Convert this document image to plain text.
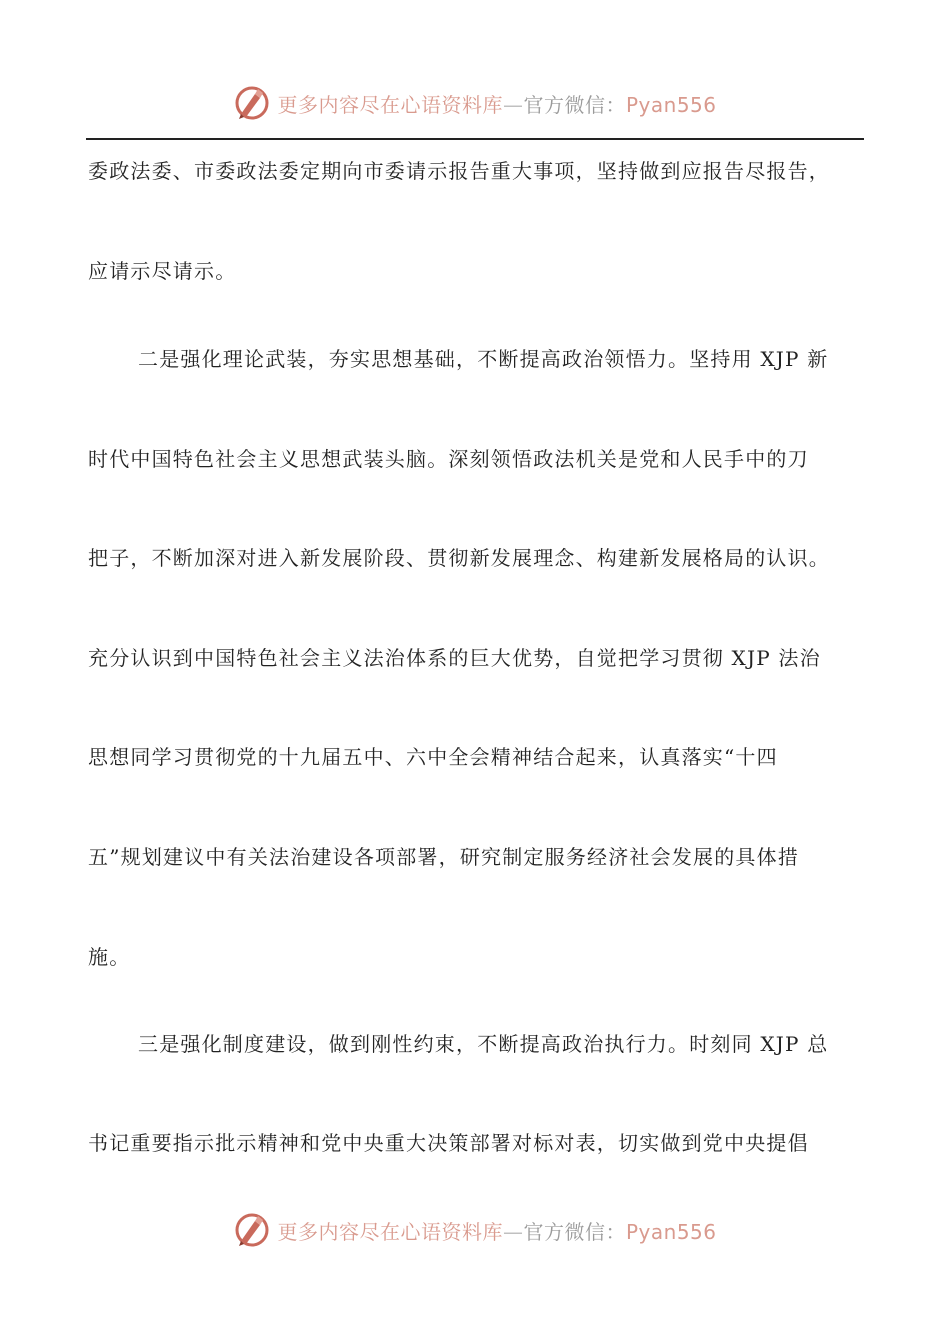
更多内容尽在心语资料库—官方微信：Pyan556
委政法委、市委政法委定期向市委请示报告重大事项，坚持做到应报告尽报告，
应请示尽请示。
二是强化理论武装，夯实思想基础，不断提高政治领悟力。坚持用 XJP 新
时代中国特色社会主义思想武装头脑。深刻领悟政法机关是党和人民手中的刀
把子，不断加深对进入新发展阶段、贯彻新发展理念、构建新发展格局的认识。
充分认识到中国特色社会主义法治体系的巨大优势，自觉把学习贯彻 XJP 法治
思想同学习贯彻党的十九届五中、六中全会精神结合起来，认真落实“十四
五”规划建议中有关法治建设各项部署，研究制定服务经济社会发展的具体措
施。
三是强化制度建设，做到刚性约束，不断提高政治执行力。时刻同 XJP 总
书记重要指示批示精神和党中央重大决策部署对标对表，切实做到党中央提倡
更多内容尽在心语资料库—官方微信：Pyan556
